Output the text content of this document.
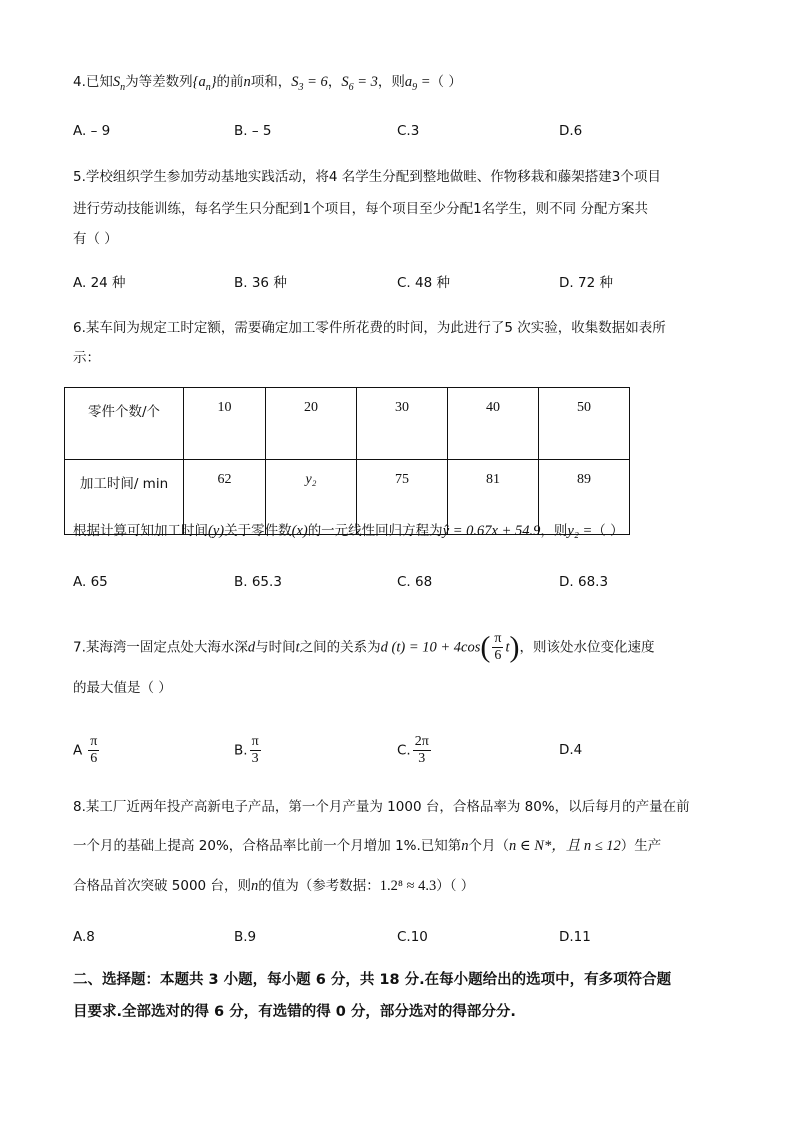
4.已知$S_n$为等差数列$\{a_n\}$的前n项和，$S_3 = 6$，$S_6 = 3$，则$a_9$ =（ ）
A. – 9	B. – 5	C.3	D.6
5.学校组织学生参加劳动基地实践活动，将4 名学生分配到整地做畦、作物移栽和藤架搭建3个项目
进行劳动技能训练，每名学生只分配到1个项目，每个项目至少分配1名学生，则不同 分配方案共
有（ ）
A. 24 种	B. 36 种	C. 48 种	D. 72 种
6.某车间为规定工时定额，需要确定加工零件所花费的时间，为此进行了5 次实验，收集数据如表所
示：
零件个数/个	10	20	30	40	50
加工时间/ min	62	y₂	75	81	89
根据计算可知加工时间(y)关于零件数(x)的一元线性回归方程为ŷ = 0.67x + 54.9，则y₂ =（ ）
A. 65	B. 65.3	C. 68	D. 68.3
7.某海湾一固定点处大海水深d与时间t之间的关系为d $(t) = 10 + 4\cos( \frac{\pi}{6} t)$，则该处水位变化速度
的最大值是（ ）
A $\frac{\pi}{6}$	B. $\frac{\pi}{3}$	C. $\frac{2\pi}{3}$	D.4
8.某工厂近两年投产高新电子产品，第一个月产量为 1000 台，合格品率为 80%，以后每月的产量在前
一个月的基础上提高 20%，合格品率比前一个月增加 1%.已知第n个月（n ∈ N*，且 n ≤ 12）生产
合格品首次突破 5000 台，则n的值为（参考数据：1.2⁸ ≈ 4.3）（ ）
A.8	B.9	C.10	D.11
二、选择题：本题共 3 小题，每小题 6 分，共 18 分.在每小题给出的选项中，有多项符合题
目要求.全部选对的得 6 分，有选错的得 0 分，部分选对的得部分分.
